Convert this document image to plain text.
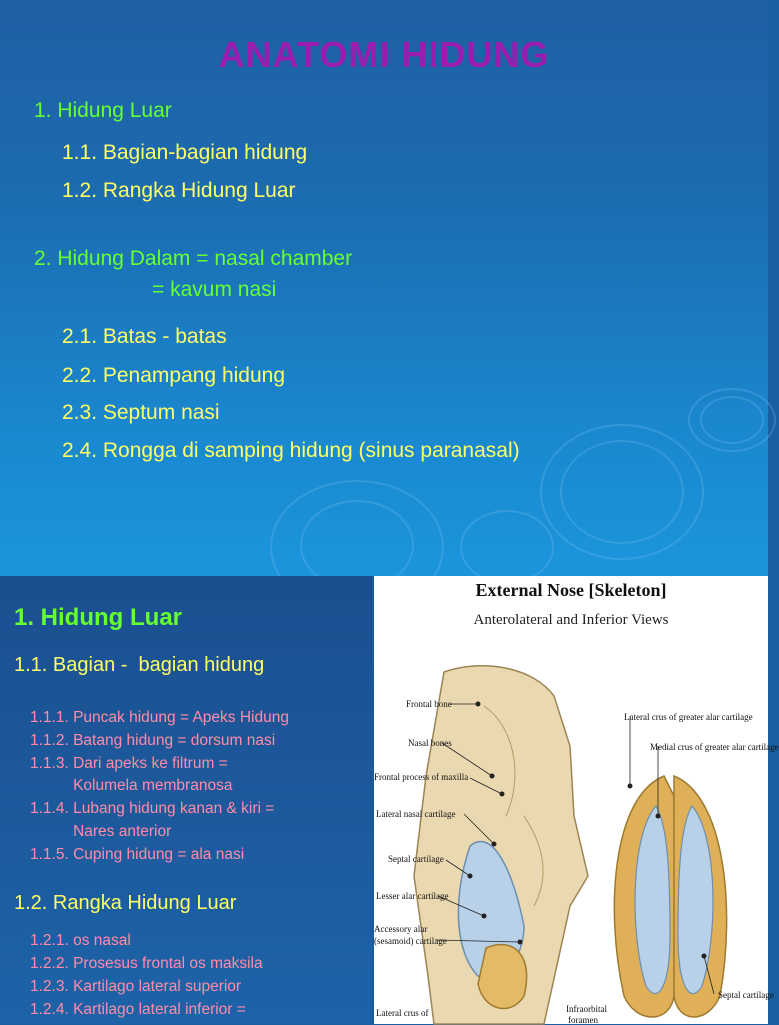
ANATOMI HIDUNG
1. Hidung Luar
1.1. Bagian-bagian hidung
1.2. Rangka Hidung Luar
2. Hidung Dalam = nasal chamber
= kavum nasi
2.1. Batas - batas
2.2. Penampang hidung
2.3. Septum nasi
2.4. Rongga di samping hidung (sinus paranasal)
1. Hidung Luar
1.1. Bagian -  bagian hidung
1.1.1. Puncak hidung = Apeks Hidung
1.1.2. Batang hidung = dorsum nasi
1.1.3. Dari apeks ke filtrum =
Kolumela membranosa
1.1.4. Lubang hidung kanan & kiri =
Nares anterior
1.1.5. Cuping hidung = ala nasi
1.2. Rangka Hidung Luar
1.2.1. os nasal
1.2.2. Prosesus frontal os maksila
1.2.3. Kartilago lateral superior
1.2.4. Kartilago lateral inferior =
External Nose [Skeleton]
Anterolateral and Inferior Views
Frontal bone
Nasal bones
Frontal process of maxilla
Lateral nasal cartilage
Septal cartilage
Lesser alar cartilage
Accessory alar
(sesamoid) cartilage
Lateral crus of
Lateral crus of greater alar cartilage
Medial crus of greater alar cartilage
Infraorbital
foramen
Septal cartilage
